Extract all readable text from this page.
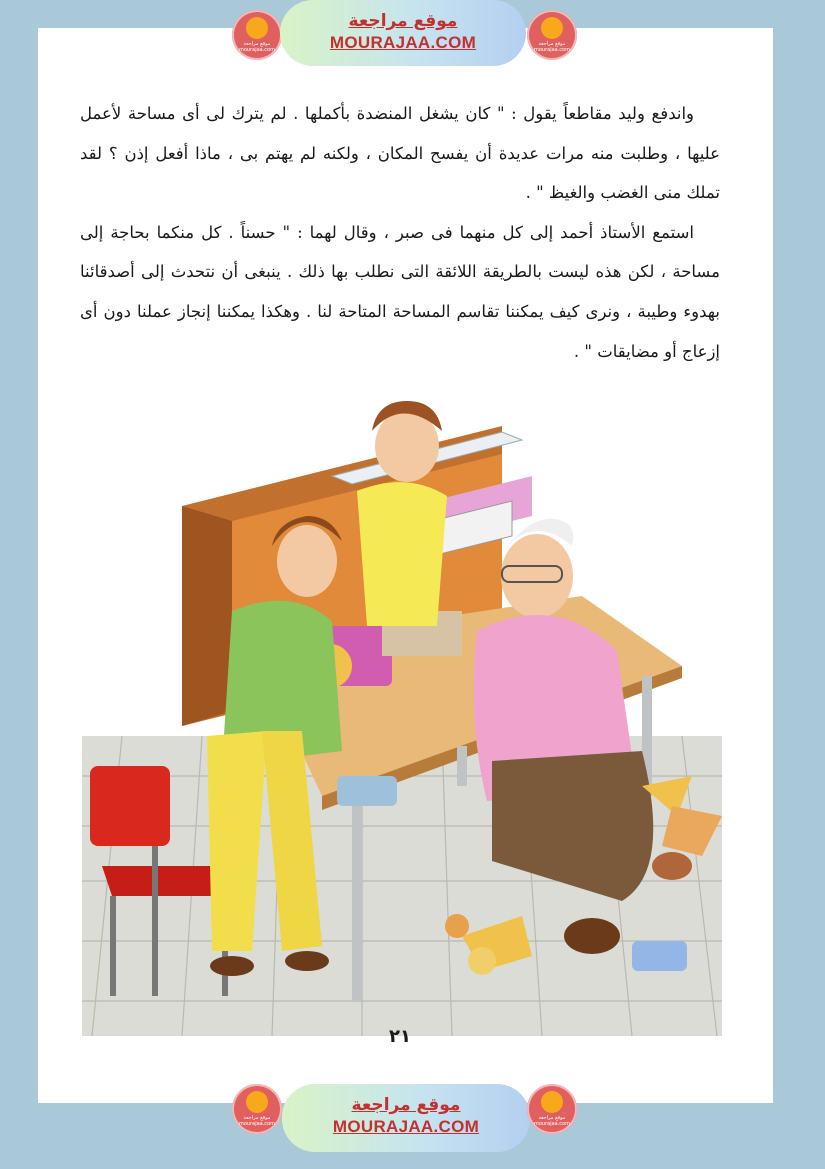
موقع مراجعة mourajaa.com
موقع مراجعة
MOURAJAA.COM	موقع مراجعة mourajaa.com

واندفع وليد مقاطعاً يقول : " كان يشغل المنضدة بأكملها . لم يترك لى أى مساحة لأعمل عليها ، وطلبت منه مرات عديدة أن يفسح المكان ، ولكنه لم يهتم بى ، ماذا أفعل إذن ؟ لقد تملك منى الغضب والغيظ " .

استمع الأستاذ أحمد إلى كل منهما فى صبر ، وقال لهما : " حسناً . كل منكما بحاجة إلى مساحة ، لكن هذه ليست بالطريقة اللائقة التى نطلب بها ذلك . ينبغى أن نتحدث إلى أصدقائنا بهدوء وطيبة ، ونرى كيف يمكننا تقاسم المساحة المتاحة لنا . وهكذا يمكننا إنجاز عملنا دون أى إزعاج أو مضايقات " .

٢١
موقع مراجعة mourajaa.com
موقع مراجعة
MOURAJAA.COM	موقع مراجعة mourajaa.com
